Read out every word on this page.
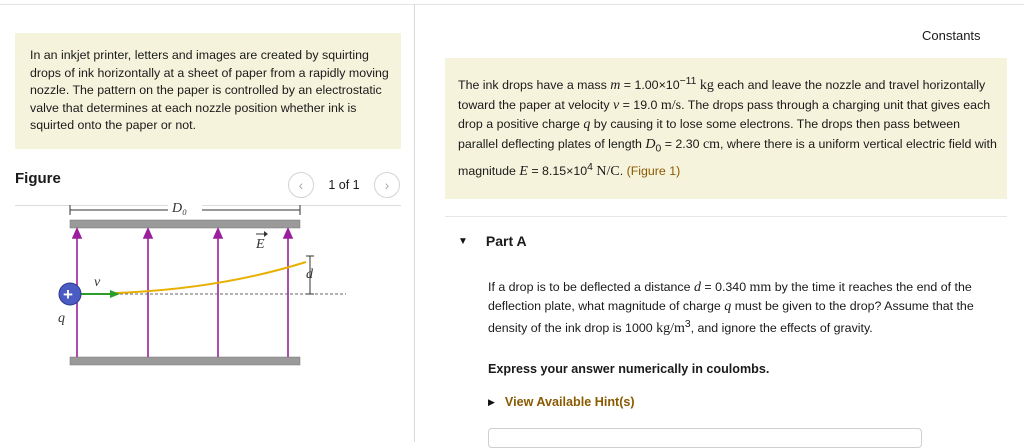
In an inkjet printer, letters and images are created by squirting drops of ink horizontally at a sheet of paper from a rapidly moving nozzle. The pattern on the paper is controlled by an electrostatic valve that determines at each nozzle position whether ink is squirted onto the paper or not.
Figure	‹ 1 of 1 ›
D₀
E
v
+
q
d
Constants
The ink drops have a mass $m = 1.00\times 10^{-11}$ kg each and leave the nozzle and travel horizontally toward the paper at velocity v = 19.0 m/s. The drops pass through a charging unit that gives each drop a positive charge q by causing it to lose some electrons. The drops then pass between parallel deflecting plates of length $D_0 = 2.30$ cm, where there is a uniform vertical electric field with magnitude $E = 8.15\times 10^4$ N/C. (Figure 1)
▼ Part A
If a drop is to be deflected a distance d = 0.340 mm by the time it reaches the end of the deflection plate, what magnitude of charge q must be given to the drop? Assume that the density of the ink drop is 1000 $kg/m^3$, and ignore the effects of gravity.
Express your answer numerically in coulombs.
▶ View Available Hint(s)
